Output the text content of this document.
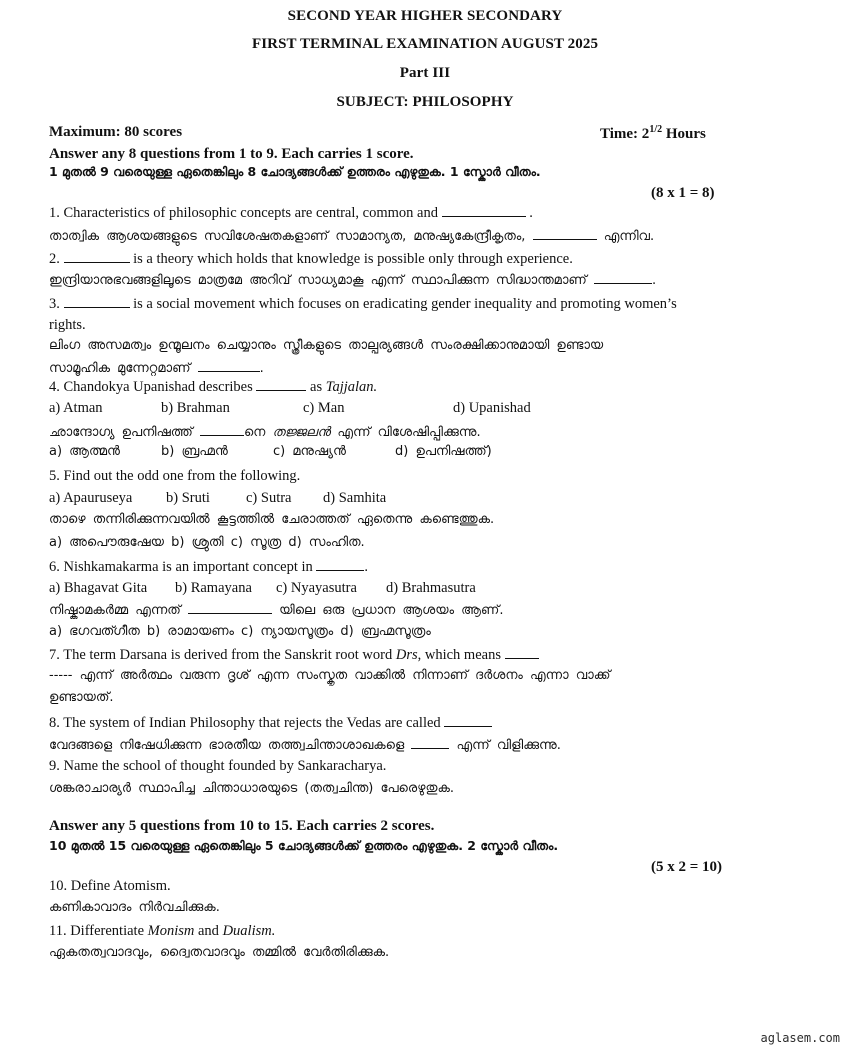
SECOND YEAR HIGHER SECONDARY
FIRST TERMINAL EXAMINATION AUGUST 2025
Part III
SUBJECT: PHILOSOPHY
Maximum: 80 scores	Time: $2^{1/2}$ Hours
Answer any 8 questions from 1 to 9. Each carries 1 score.
1 മുതൽ 9 വരെയുള്ള ഏതെങ്കിലും 8 ചോദ്യങ്ങൾക്ക് ഉത്തരം എഴുതുക. 1 സ്കോർ വീതം.
(8 x 1 = 8)
1. Characteristics of philosophic concepts are central, common and	.
താത്വിക ആശയങ്ങളുടെ സവിശേഷതകളാണ് സാമാന്യത, മനുഷ്യകേന്ദ്രീകൃതം,	എന്നിവ.
2.	is a theory which holds that knowledge is possible only through experience.
ഇന്ദ്രിയാനുഭവങ്ങളിലൂടെ മാത്രമേ അറിവ് സാധ്യമാകൂ എന്ന് സ്ഥാപിക്കുന്ന സിദ്ധാന്തമാണ്	.
3.	is a social movement which focuses on eradicating gender inequality and promoting women’s
rights.
ലിംഗ അസമത്വം ഉന്മൂലനം ചെയ്യാനും സ്ത്രീകളുടെ താല്പര്യങ്ങൾ സംരക്ഷിക്കാനുമായി ഉണ്ടായ
സാമൂഹിക മുന്നേറ്റമാണ്	.
4. Chandokya Upanishad describes	as Tajjalan.
a) Atman	b) Brahman	c) Man	d) Upanishad
ഛാന്ദോഗ്യ ഉപനിഷത്ത്	നെ തജ്ജലൻ എന്ന് വിശേഷിപ്പിക്കുന്നു.
a) ആത്മൻ	b) ബ്രഹ്മൻ	c) മനുഷ്യൻ	d) ഉപനിഷത്ത്)
5. Find out the odd one from the following.
a) Apauruseya b) Sruti c) Sutra d) Samhita
താഴെ തന്നിരിക്കുന്നവയിൽ കൂട്ടത്തിൽ ചേരാത്തത് ഏതെന്നു കണ്ടെത്തുക.
a) അപൌരുഷേയ b) ശ്രുതി c) സൂത്ര d) സംഹിത.
6. Nishkamakarma is an important concept in	.
a) Bhagavat Gita b) Ramayana c) Nyayasutra d) Brahmasutra
നിഷ്കാമകർമ്മ എന്നത്	യിലെ ഒരു പ്രധാന ആശയം ആണ്.
a) ഭഗവത്ഗീത b) രാമായണം c) ന്യായസൂത്രം d) ബ്രഹ്മസൂത്രം
7. The term Darsana is derived from the Sanskrit root word Drs, which means
----- എന്ന് അർത്ഥം വരുന്ന ദൃശ് എന്ന സംസ്കൃത വാക്കിൽ നിന്നാണ് ദർശനം എന്നാ വാക്ക്
ഉണ്ടായത്.
8. The system of Indian Philosophy that rejects the Vedas are called
വേദങ്ങളെ നിഷേധിക്കുന്ന ഭാരതീയ തത്ത്വചിന്താശാഖകളെ	എന്ന് വിളിക്കുന്നു.
9. Name the school of thought founded by Sankaracharya.
ശങ്കരാചാര്യർ സ്ഥാപിച്ച ചിന്താധാരയുടെ (തത്വചിന്ത) പേരെഴുതുക.
Answer any 5 questions from 10 to 15. Each carries 2 scores.
10 മുതൽ 15 വരെയുള്ള ഏതെങ്കിലും 5 ചോദ്യങ്ങൾക്ക് ഉത്തരം എഴുതുക. 2 സ്കോർ വീതം.
(5 x 2 = 10)
10. Define Atomism.
കണികാവാദം നിർവചിക്കുക.
11. Differentiate Monism and Dualism.
ഏകതത്വവാദവും, ദ്വൈതവാദവും തമ്മിൽ വേർതിരിക്കുക.
aglasem.com
